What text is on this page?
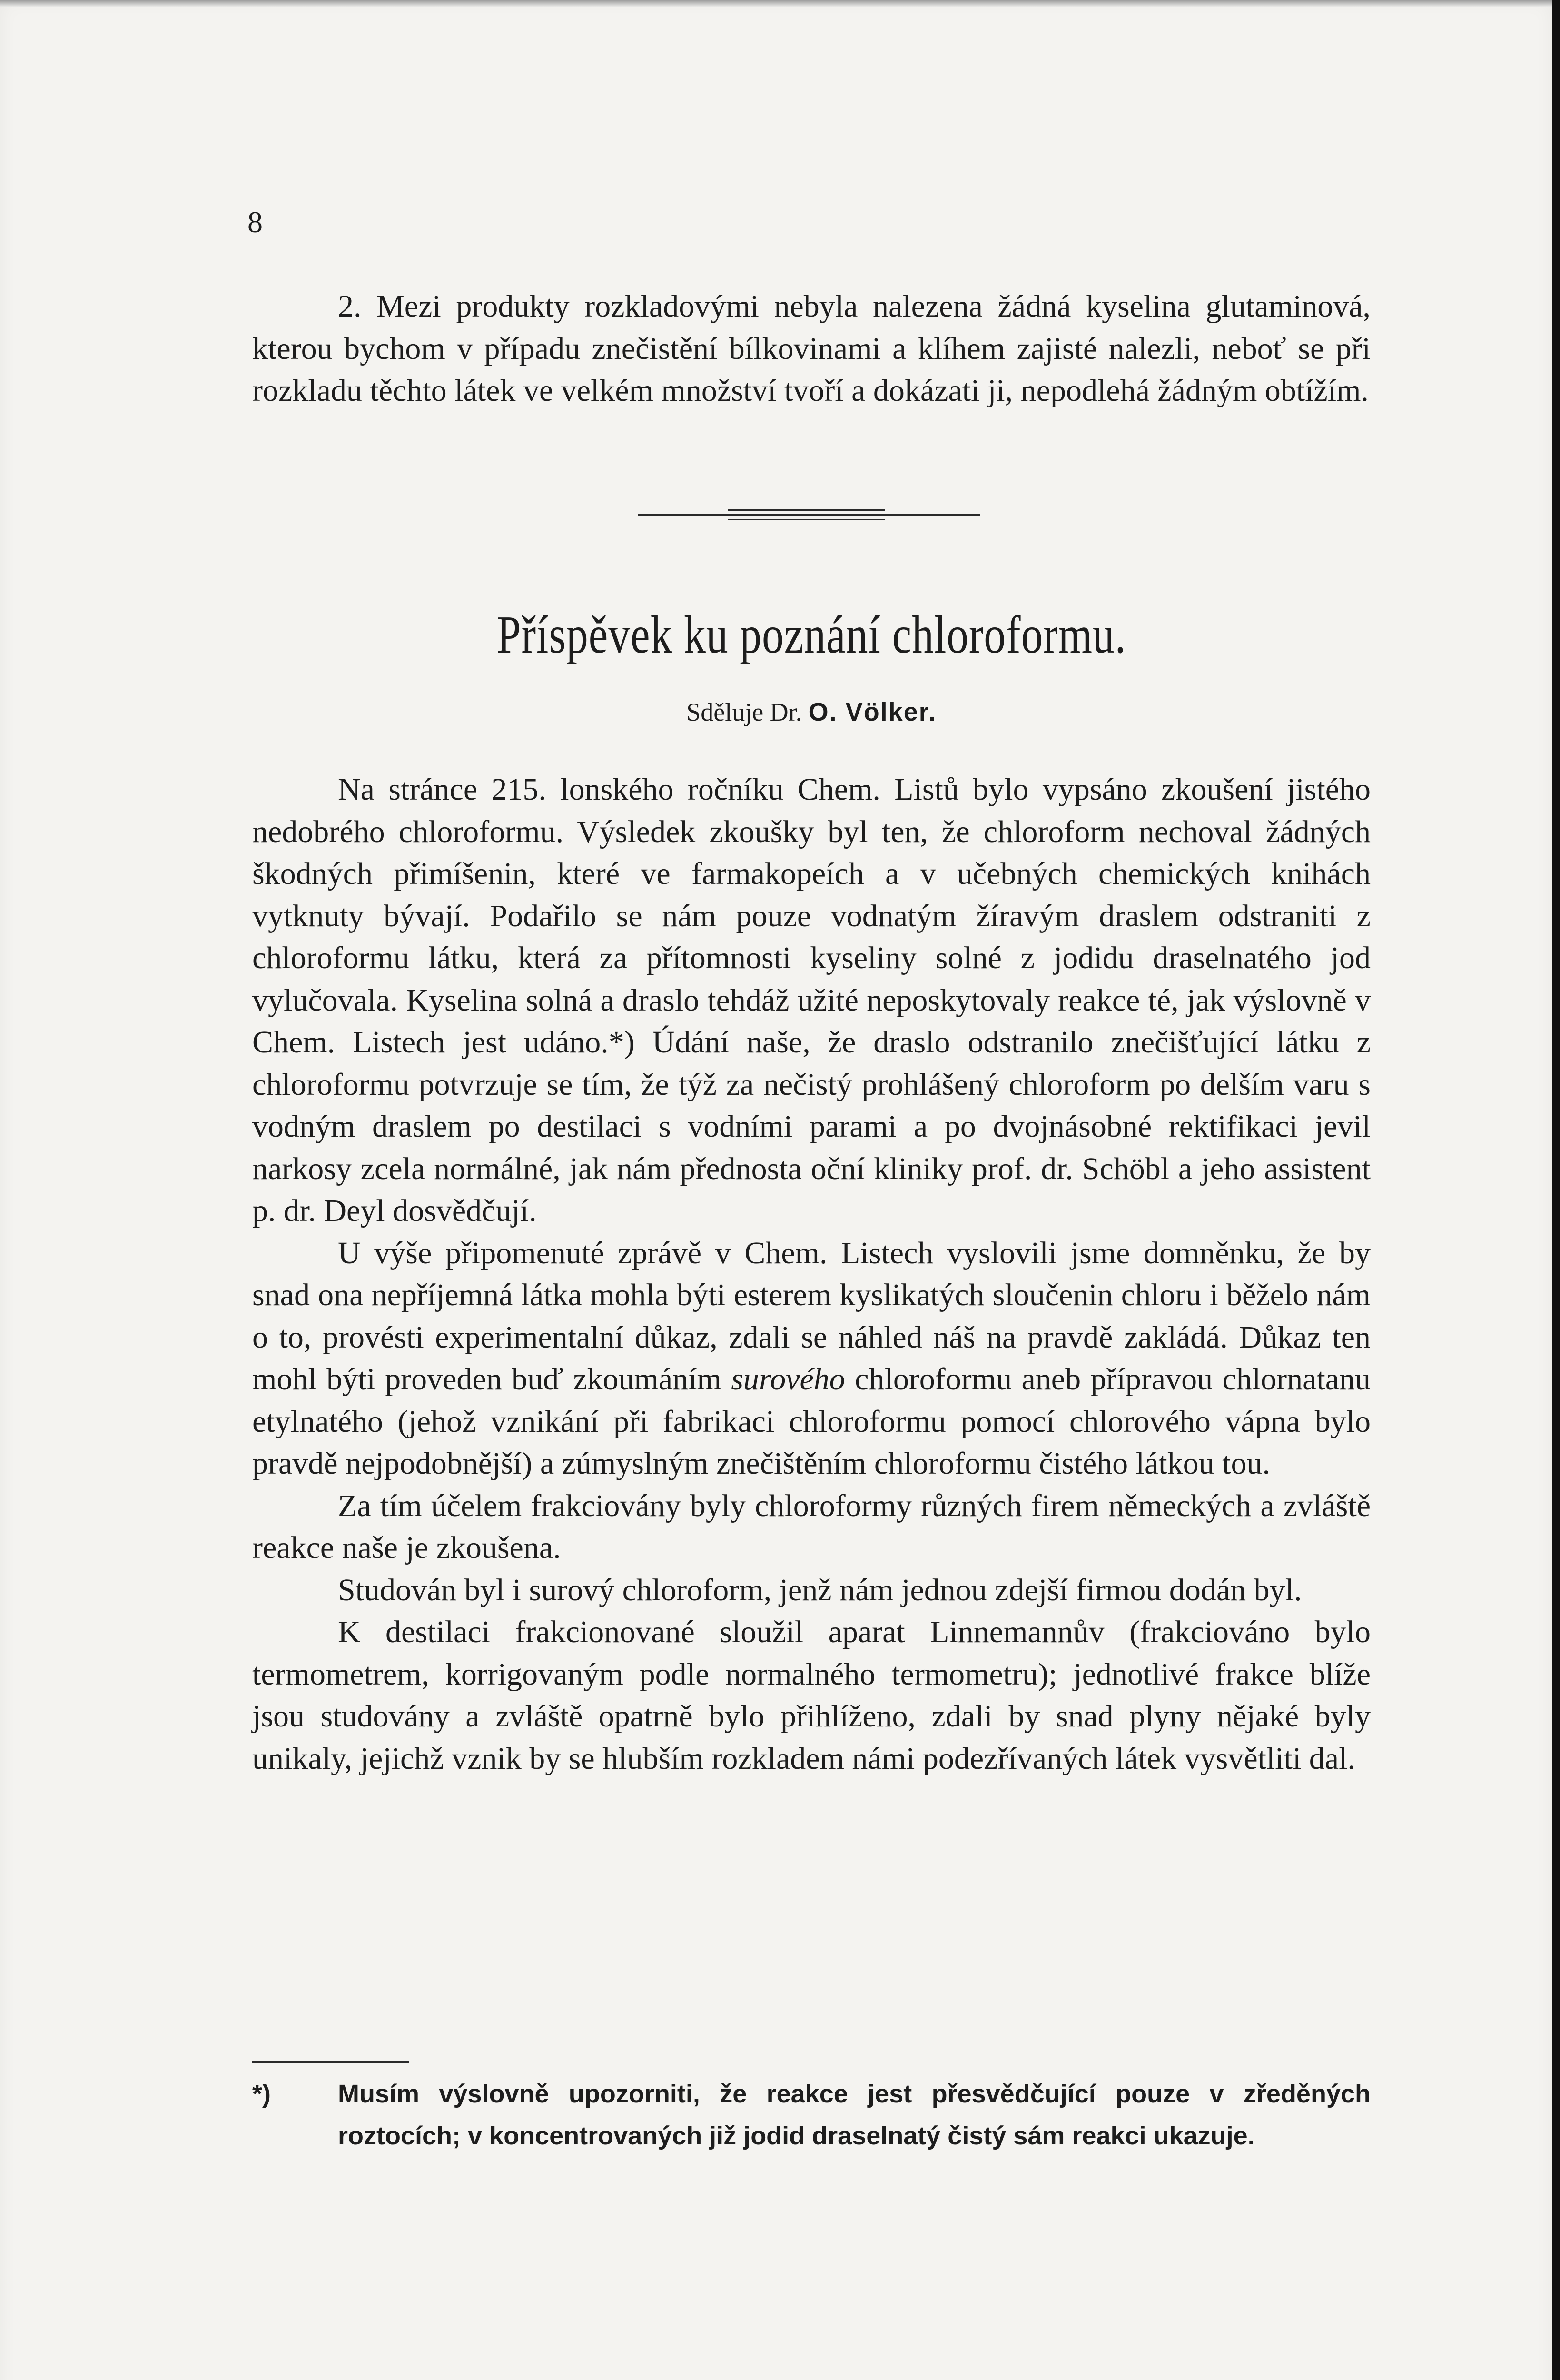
8

2. Mezi produkty rozkladovými nebyla nalezena žádná kyselina glutaminová, kterou bychom v případu znečistění bílkovinami a klíhem zajisté nalezli, neboť se při rozkladu těchto látek ve velkém množství tvoří a dokázati ji, nepodlehá žádným obtížím.

Příspěvek ku poznání chloroformu.
Sděluje Dr. O. Völker.

Na stránce 215. lonského ročníku Chem. Listů bylo vypsáno zkoušení jistého nedobrého chloroformu. Výsledek zkoušky byl ten, že chloroform nechoval žádných škodných přimíšenin, které ve farmakopeích a v učebných chemických knihách vytknuty bývají. Podařilo se nám pouze vodnatým žíravým draslem odstraniti z chloroformu látku, která za přítomnosti kyseliny solné z jodidu draselnatého jod vylučovala. Kyselina solná a draslo tehdáž užité neposkytovaly reakce té, jak výslovně v Chem. Listech jest udáno.*) Údání naše, že draslo odstranilo znečišťující látku z chloroformu potvrzuje se tím, že týž za nečistý prohlášený chloroform po delším varu s vodným draslem po destilaci s vodními parami a po dvojnásobné rektifikaci jevil narkosy zcela normálné, jak nám přednosta oční kliniky prof. dr. Schöbl a jeho assistent p. dr. Deyl dosvědčují.

U výše připomenuté zprávě v Chem. Listech vyslovili jsme domněnku, že by snad ona nepříjemná látka mohla býti esterem kyslikatých sloučenin chloru i běželo nám o to, provésti experimentalní důkaz, zdali se náhled náš na pravdě zakládá. Důkaz ten mohl býti proveden buď zkoumáním surového chloroformu aneb přípravou chlornatanu etylnatého (jehož vznikání při fabrikaci chloroformu pomocí chlorového vápna bylo pravdě nejpodobnější) a zúmyslným znečištěním chloroformu čistého látkou tou.

Za tím účelem frakciovány byly chloroformy různých firem německých a zvláště reakce naše je zkoušena.

Studován byl i surový chloroform, jenž nám jednou zdejší firmou dodán byl.

K destilaci frakcionované sloužil aparat Linnemannův (frakciováno bylo termometrem, korrigovaným podle normalného termometru); jednotlivé frakce blíže jsou studovány a zvláště opatrně bylo přihlíženo, zdali by snad plyny nějaké byly unikaly, jejichž vznik by se hlubším rozkladem námi podezřívaných látek vysvětliti dal.

*)	Musím výslovně upozorniti, že reakce jest přesvědčující pouze v zředěných roztocích; v koncentrovaných již jodid draselnatý čistý sám reakci ukazuje.
